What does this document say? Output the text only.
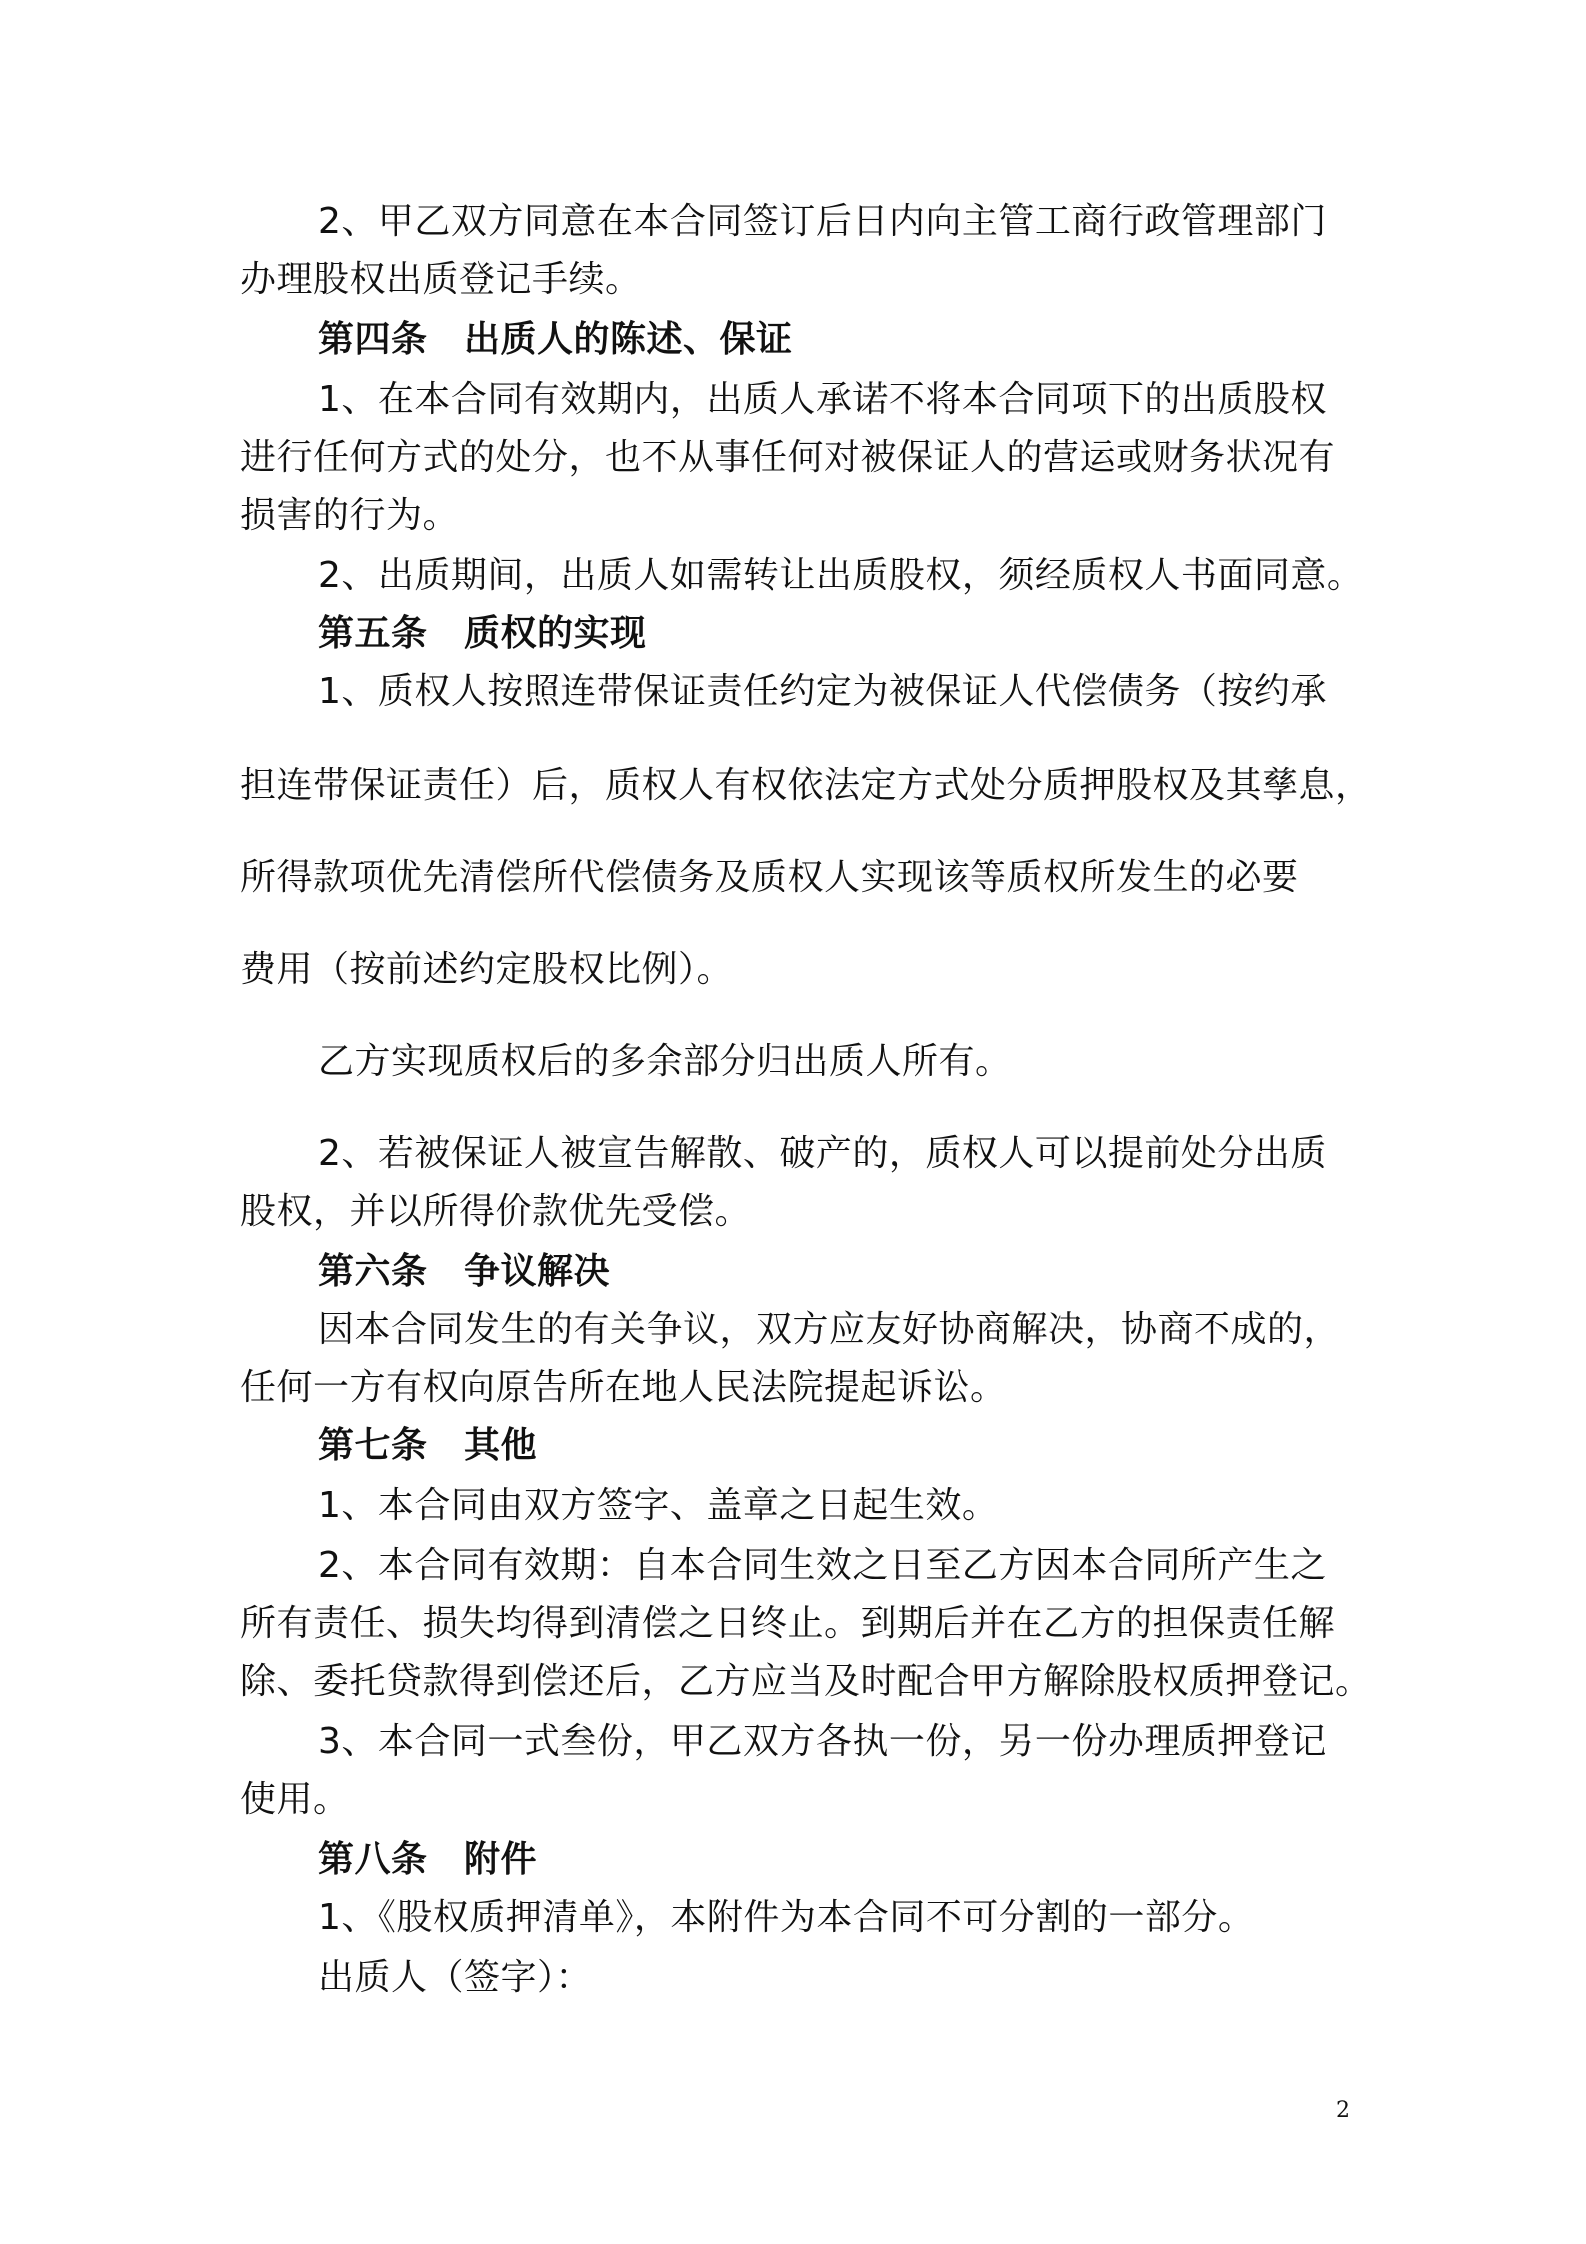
2、甲乙双方同意在本合同签订后日内向主管工商行政管理部门

办理股权出质登记手续。

第四条　出质人的陈述、保证

1、在本合同有效期内，出质人承诺不将本合同项下的出质股权

进行任何方式的处分，也不从事任何对被保证人的营运或财务状况有

损害的行为。

2、出质期间，出质人如需转让出质股权，须经质权人书面同意。

第五条　质权的实现

1、质权人按照连带保证责任约定为被保证人代偿债务（按约承

担连带保证责任）后，质权人有权依法定方式处分质押股权及其孳息，

所得款项优先清偿所代偿债务及质权人实现该等质权所发生的必要

费用（按前述约定股权比例）。

乙方实现质权后的多余部分归出质人所有。

2、若被保证人被宣告解散、破产的，质权人可以提前处分出质

股权，并以所得价款优先受偿。

第六条　争议解决

因本合同发生的有关争议，双方应友好协商解决，协商不成的，

任何一方有权向原告所在地人民法院提起诉讼。

第七条　其他

1、本合同由双方签字、盖章之日起生效。

2、本合同有效期：自本合同生效之日至乙方因本合同所产生之

所有责任、损失均得到清偿之日终止。到期后并在乙方的担保责任解

除、委托贷款得到偿还后，乙方应当及时配合甲方解除股权质押登记。

3、本合同一式叁份，甲乙双方各执一份，另一份办理质押登记

使用。

第八条　附件

1、《股权质押清单》，本附件为本合同不可分割的一部分。

出质人（签字）：

2
